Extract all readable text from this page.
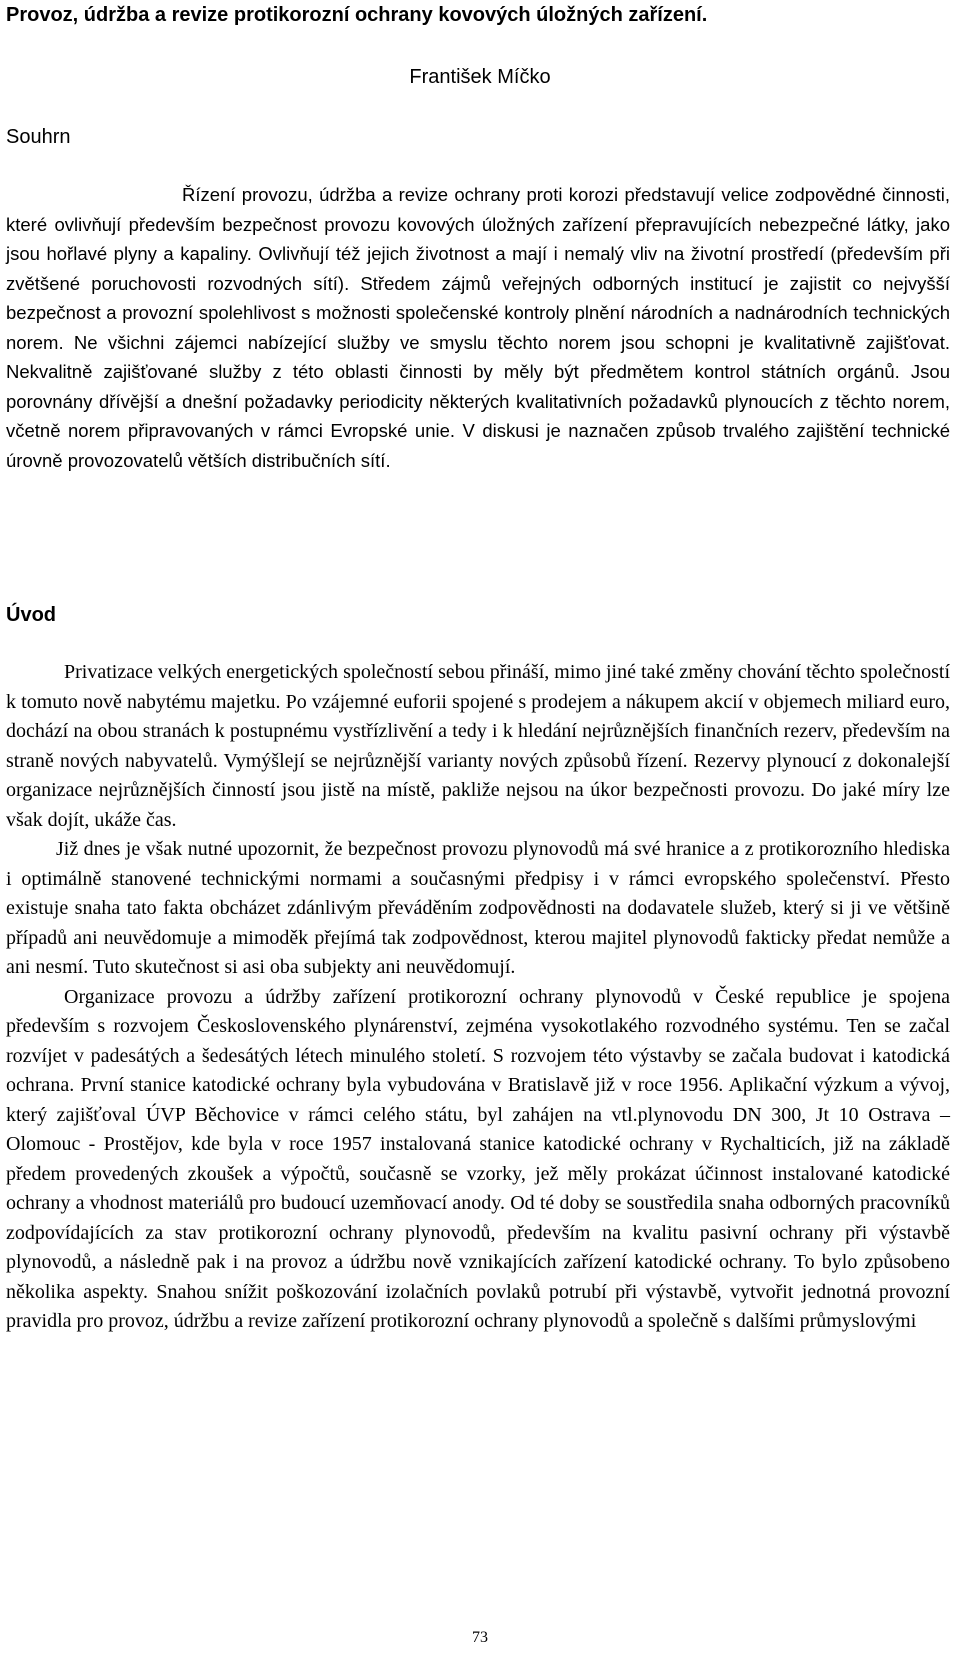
Provoz, údržba a revize protikorozní ochrany kovových úložných zařízení.
František Míčko
Souhrn

Řízení provozu, údržba a revize ochrany proti korozi představují velice zodpovědné činnosti, které ovlivňují především bezpečnost provozu kovových úložných zařízení přepravujících nebezpečné látky, jako jsou hořlavé plyny a kapaliny. Ovlivňují též jejich životnost a mají i nemalý vliv na životní prostředí (především při zvětšené poruchovosti rozvodných sítí). Středem zájmů veřejných odborných institucí je zajistit co nejvyšší bezpečnost a provozní spolehlivost s možnosti společenské kontroly plnění národních a nadnárodních technických norem. Ne všichni zájemci nabízející služby ve smyslu těchto norem jsou schopni je kvalitativně zajišťovat. Nekvalitně zajišťované služby z této oblasti činnosti by měly být předmětem kontrol státních orgánů. Jsou porovnány dřívější a dnešní požadavky periodicity některých kvalitativních požadavků plynoucích z těchto norem, včetně norem připravovaných v rámci Evropské unie. V diskusi je naznačen způsob trvalého zajištění technické úrovně provozovatelů větších distribučních sítí.

Úvod

Privatizace velkých energetických společností sebou přináší, mimo jiné také změny chování těchto společností k tomuto nově nabytému majetku. Po vzájemné euforii spojené s prodejem a nákupem akcií v objemech miliard euro, dochází na obou stranách k postupnému vystřízlivění a tedy i k hledání nejrůznějších finančních rezerv, především na straně nových nabyvatelů. Vymýšlejí se nejrůznější varianty nových způsobů řízení. Rezervy plynoucí z dokonalejší organizace nejrůznějších činností jsou jistě na místě, pakliže nejsou na úkor bezpečnosti provozu. Do jaké míry lze však dojít, ukáže čas.

Již dnes je však nutné upozornit, že bezpečnost provozu plynovodů má své hranice a z protikorozního hlediska i optimálně stanovené technickými normami a současnými předpisy i v rámci evropského společenství. Přesto existuje snaha tato fakta obcházet zdánlivým převáděním zodpovědnosti na dodavatele služeb, který si ji ve většině případů ani neuvědomuje a mimoděk přejímá tak zodpovědnost, kterou majitel plynovodů fakticky předat nemůže a ani nesmí. Tuto skutečnost si asi oba subjekty ani neuvědomují.

Organizace provozu a údržby zařízení protikorozní ochrany plynovodů v České republice je spojena především s rozvojem Československého plynárenství, zejména vysokotlakého rozvodného systému. Ten se začal rozvíjet v padesátých a šedesátých létech minulého století. S rozvojem této výstavby se začala budovat i katodická ochrana. První stanice katodické ochrany byla vybudována v Bratislavě již v roce 1956. Aplikační výzkum a vývoj, který zajišťoval ÚVP Běchovice v rámci celého státu, byl zahájen na vtl.plynovodu DN 300, Jt 10 Ostrava – Olomouc - Prostějov, kde byla v roce 1957 instalovaná stanice katodické ochrany v Rychalticích, již na základě předem provedených zkoušek a výpočtů, současně se vzorky, jež měly prokázat účinnost instalované katodické ochrany a vhodnost materiálů pro budoucí uzemňovací anody. Od té doby se soustředila snaha odborných pracovníků zodpovídajících za stav protikorozní ochrany plynovodů, především na kvalitu pasivní ochrany při výstavbě plynovodů, a následně pak i na provoz a údržbu nově vznikajících zařízení katodické ochrany. To bylo způsobeno několika aspekty. Snahou snížit poškozování izolačních povlaků potrubí při výstavbě, vytvořit jednotná provozní pravidla pro provoz, údržbu a revize zařízení protikorozní ochrany plynovodů a společně s dalšími průmyslovými

73
